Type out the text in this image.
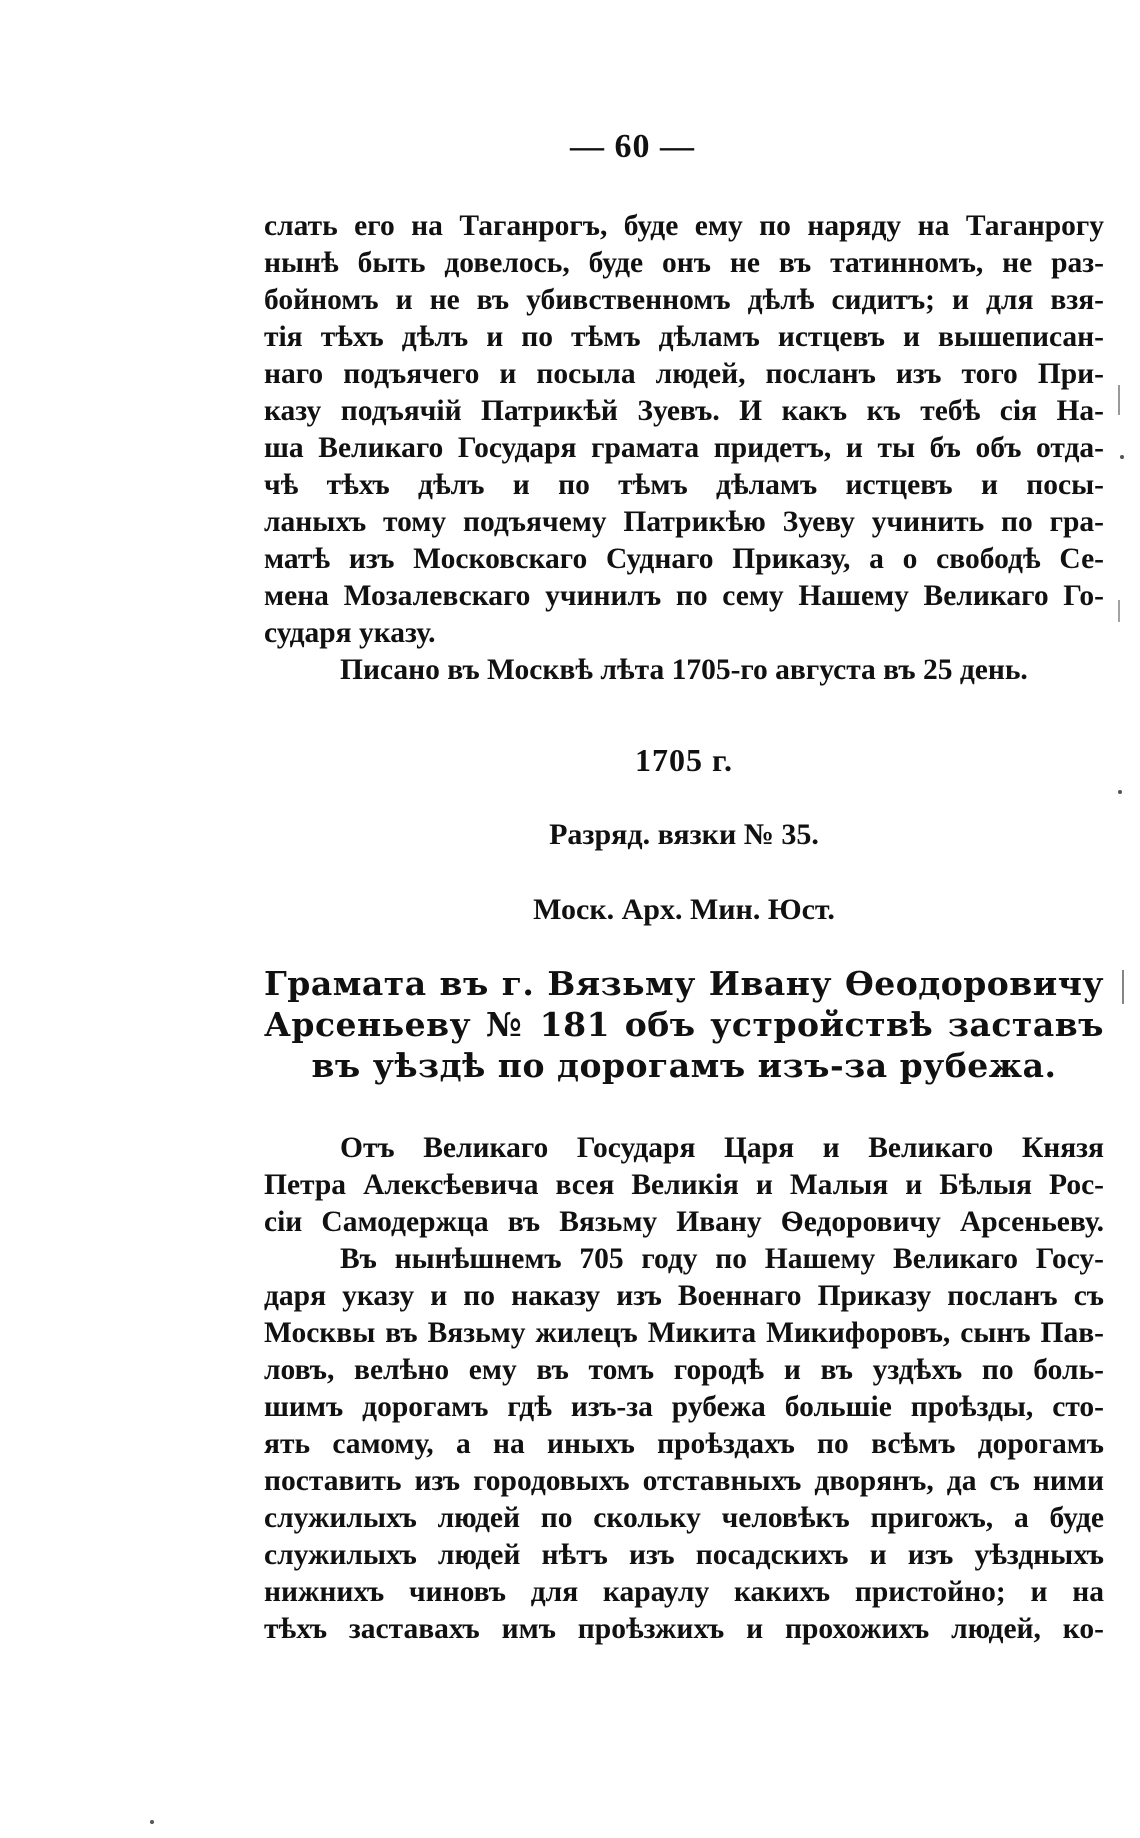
— 60 —
слать его на Таганрогъ, буде ему по наряду на Таганрогу
нынѣ быть довелось, буде онъ не въ татинномъ, не раз-
бойномъ и не въ убивственномъ дѣлѣ сидитъ; и для взя-
тія тѣхъ дѣлъ и по тѣмъ дѣламъ истцевъ и вышеписан-
наго подъячего и посыла людей, посланъ изъ того При-
казу подъячій Патрикѣй Зуевъ. И какъ къ тебѣ сія На-
ша Великаго Государя грамата придетъ, и ты бъ объ отда-
чѣ тѣхъ дѣлъ и по тѣмъ дѣламъ истцевъ и посы-
ланыхъ тому подъячему Патрикѣю Зуеву учинить по гра-
матѣ изъ Московскаго Суднаго Приказу, а о свободѣ Се-
мена Мозалевскаго учинилъ по сему Нашему Великаго Го-
сударя указу.
Писано въ Москвѣ лѣта 1705-го августа въ 25 день.
1705 г.
Разряд. вязки № 35.
Моск. Арх. Мин. Юст.
Грамата въ г. Вязьму Ивану Ѳеодоровичу
Арсеньеву № 181 объ устройствѣ заставъ
въ уѣздѣ по дорогамъ изъ-за рубежа.
Отъ Великаго Государя Царя и Великаго Князя
Петра Алексѣевича всея Великія и Малыя и Бѣлыя Рос-
сіи Самодержца въ Вязьму Ивану Ѳедоровичу Арсеньеву.
Въ нынѣшнемъ 705 году по Нашему Великаго Госу-
даря указу и по наказу изъ Военнаго Приказу посланъ съ
Москвы въ Вязьму жилецъ Микита Микифоровъ, сынъ Пав-
ловъ, велѣно ему въ томъ городѣ и въ уздѣхъ по боль-
шимъ дорогамъ гдѣ изъ-за рубежа большіе проѣзды, сто-
ять самому, а на иныхъ проѣздахъ по всѣмъ дорогамъ
поставить изъ городовыхъ отставныхъ дворянъ, да съ ними
служилыхъ людей по скольку человѣкъ пригожъ, а буде
служилыхъ людей нѣтъ изъ посадскихъ и изъ уѣздныхъ
нижнихъ чиновъ для караулу какихъ пристойно; и на
тѣхъ заставахъ имъ проѣзжихъ и прохожихъ людей, ко-
